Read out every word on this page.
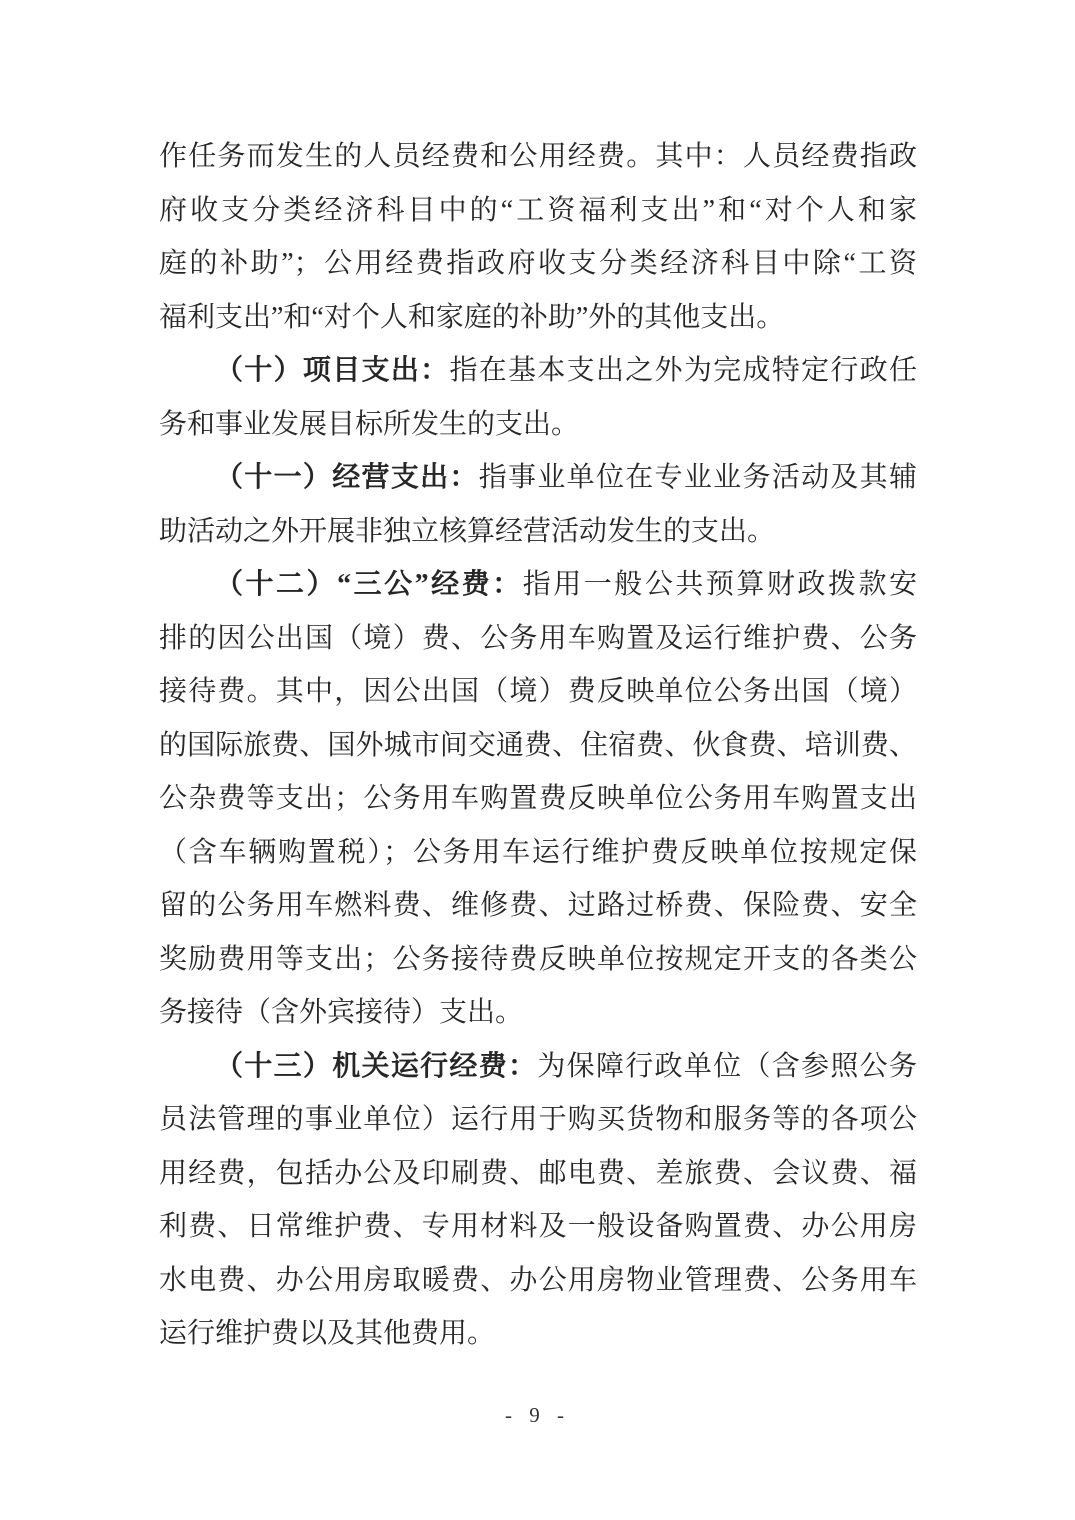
作任务而发生的人员经费和公用经费。其中：人员经费指政
府收支分类经济科目中的“工资福利支出”和“对个人和家
庭的补助”；公用经费指政府收支分类经济科目中除“工资
福利支出”和“对个人和家庭的补助”外的其他支出。
（十）项目支出：指在基本支出之外为完成特定行政任
务和事业发展目标所发生的支出。
（十一）经营支出：指事业单位在专业业务活动及其辅
助活动之外开展非独立核算经营活动发生的支出。
（十二）“三公”经费：指用一般公共预算财政拨款安
排的因公出国（境）费、公务用车购置及运行维护费、公务
接待费。其中，因公出国（境）费反映单位公务出国（境）
的国际旅费、国外城市间交通费、住宿费、伙食费、培训费、
公杂费等支出；公务用车购置费反映单位公务用车购置支出
（含车辆购置税）；公务用车运行维护费反映单位按规定保
留的公务用车燃料费、维修费、过路过桥费、保险费、安全
奖励费用等支出；公务接待费反映单位按规定开支的各类公
务接待（含外宾接待）支出。
（十三）机关运行经费：为保障行政单位（含参照公务
员法管理的事业单位）运行用于购买货物和服务等的各项公
用经费，包括办公及印刷费、邮电费、差旅费、会议费、福
利费、日常维护费、专用材料及一般设备购置费、办公用房
水电费、办公用房取暖费、办公用房物业管理费、公务用车
运行维护费以及其他费用。
- 9 -
